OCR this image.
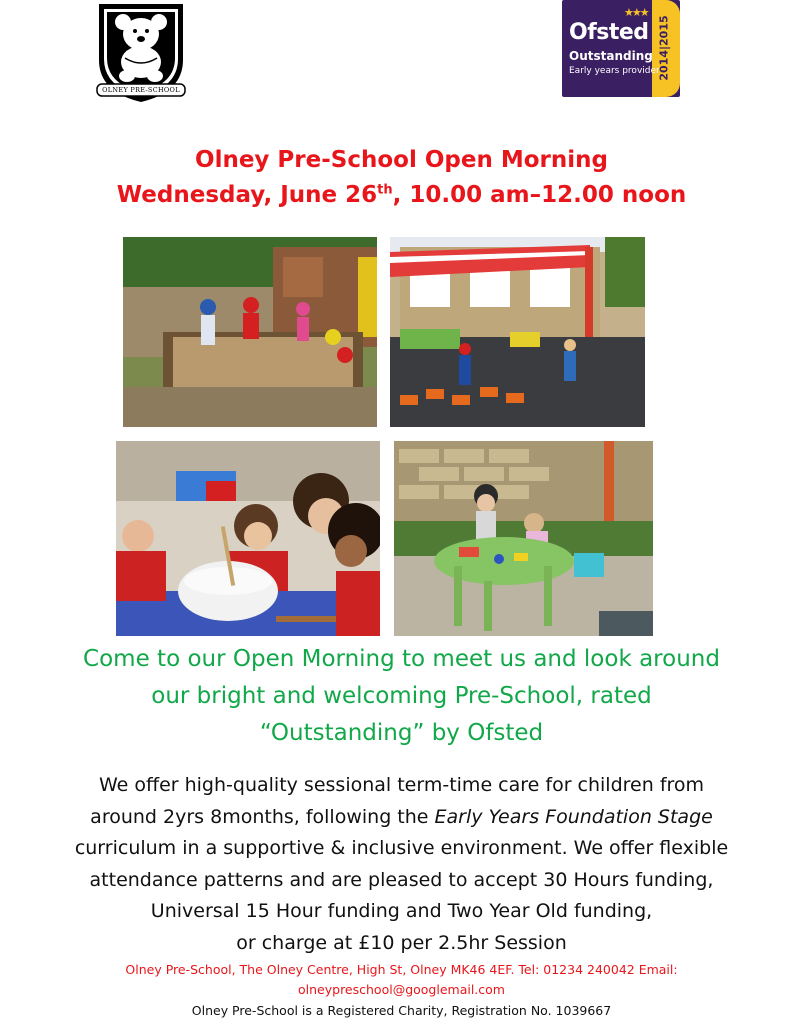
OLNEY PRE-SCHOOL
★★★
Ofsted
Outstanding
Early years provider
2014|2015
Olney Pre-School Open Morning
Wednesday, June 26th, 10.00 am–12.00 noon
Come to our Open Morning to meet us and look around
our bright and welcoming Pre-School, rated
“Outstanding” by Ofsted
We offer high-quality sessional term-time care for children from
around 2yrs 8months, following the Early Years Foundation Stage
curriculum in a supportive & inclusive environment. We offer flexible
attendance patterns and are pleased to accept 30 Hours funding,
Universal 15 Hour funding and Two Year Old funding,
or charge at £10 per 2.5hr Session
Olney Pre-School, The Olney Centre, High St, Olney MK46 4EF. Tel: 01234 240042 Email:
olneypreschool@googlemail.com
Olney Pre-School is a Registered Charity, Registration No. 1039667
